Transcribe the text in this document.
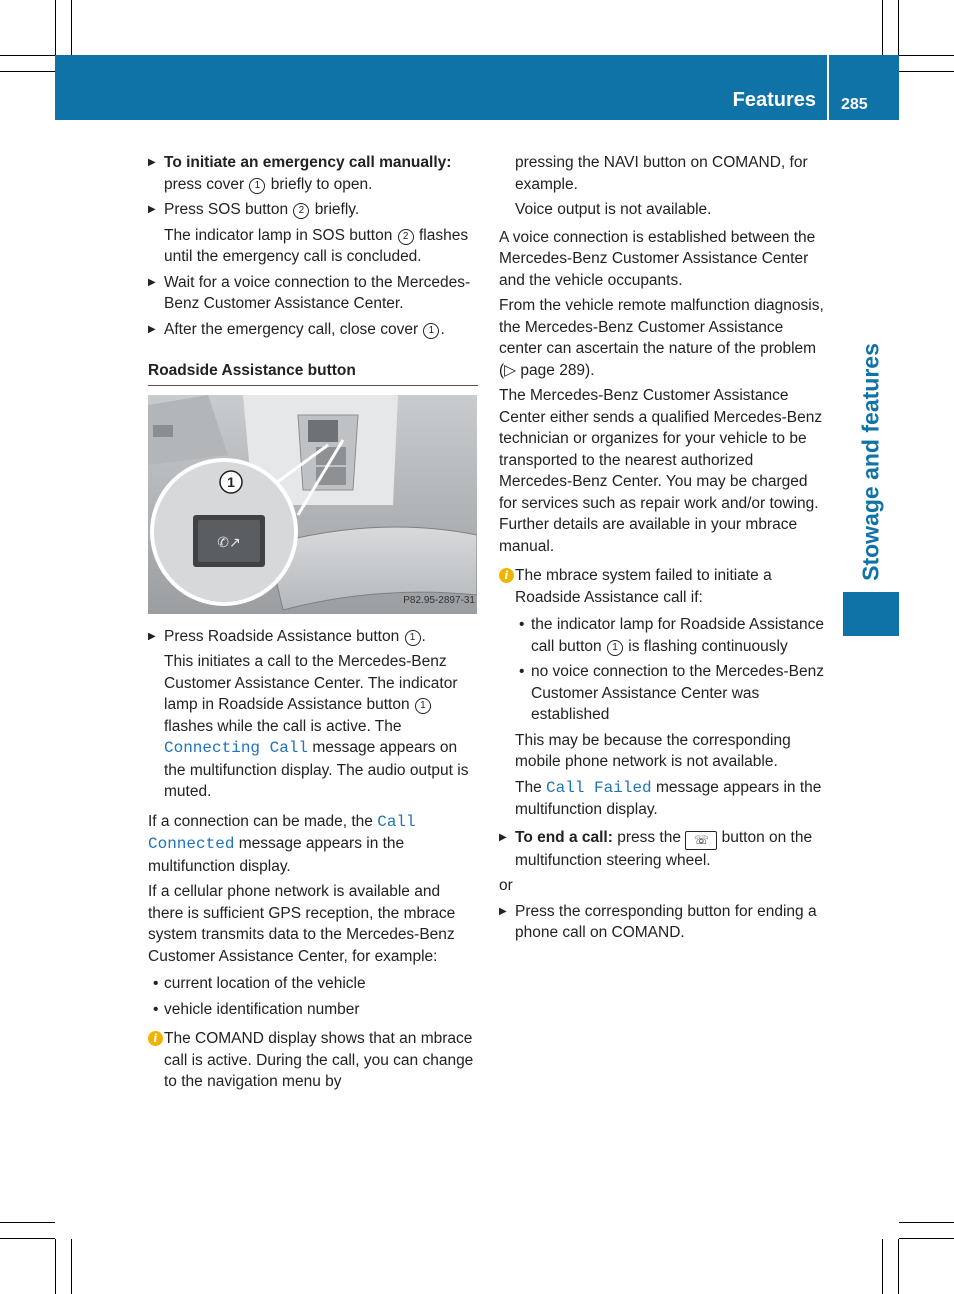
Features 285
Stowage and features
▶ To initiate an emergency call manually: press cover 1 briefly to open.
▶ Press SOS button 2 briefly.

The indicator lamp in SOS button 2 flashes until the emergency call is concluded.

▶ Wait for a voice connection to the Mercedes-Benz Customer Assistance Center.
▶ After the emergency call, close cover 1 .
Roadside Assistance button
1
✆↗
P82.95-2897-31
▶ Press Roadside Assistance button 1 .

This initiates a call to the Mercedes-Benz Customer Assistance Center. The indicator lamp in Roadside Assistance button 1 flashes while the call is active. The Connecting Call message appears on the multifunction display. The audio output is muted.

If a connection can be made, the Call Connected message appears in the multifunction display.

If a cellular phone network is available and there is sufficient GPS reception, the mbrace system transmits data to the Mercedes-Benz Customer Assistance Center, for example:

• current location of the vehicle
• vehicle identification number
i The COMAND display shows that an mbrace call is active. During the call, you can change to the navigation menu by

pressing the NAVI button on COMAND, for example.

Voice output is not available.

A voice connection is established between the Mercedes-Benz Customer Assistance Center and the vehicle occupants.

From the vehicle remote malfunction diagnosis, the Mercedes-Benz Customer Assistance center can ascertain the nature of the problem (▷ page 289).

The Mercedes-Benz Customer Assistance Center either sends a qualified Mercedes-Benz technician or organizes for your vehicle to be transported to the nearest authorized Mercedes-Benz Center. You may be charged for services such as repair work and/or towing. Further details are available in your mbrace manual.

i The mbrace system failed to initiate a Roadside Assistance call if:
• the indicator lamp for Roadside Assistance call button 1 is flashing continuously
• no voice connection to the Mercedes-Benz Customer Assistance Center was established

This may be because the corresponding mobile phone network is not available.

The Call Failed message appears in the multifunction display.

▶ To end a call: press the ☏ button on the multifunction steering wheel.

or

▶ Press the corresponding button for ending a phone call on COMAND.
